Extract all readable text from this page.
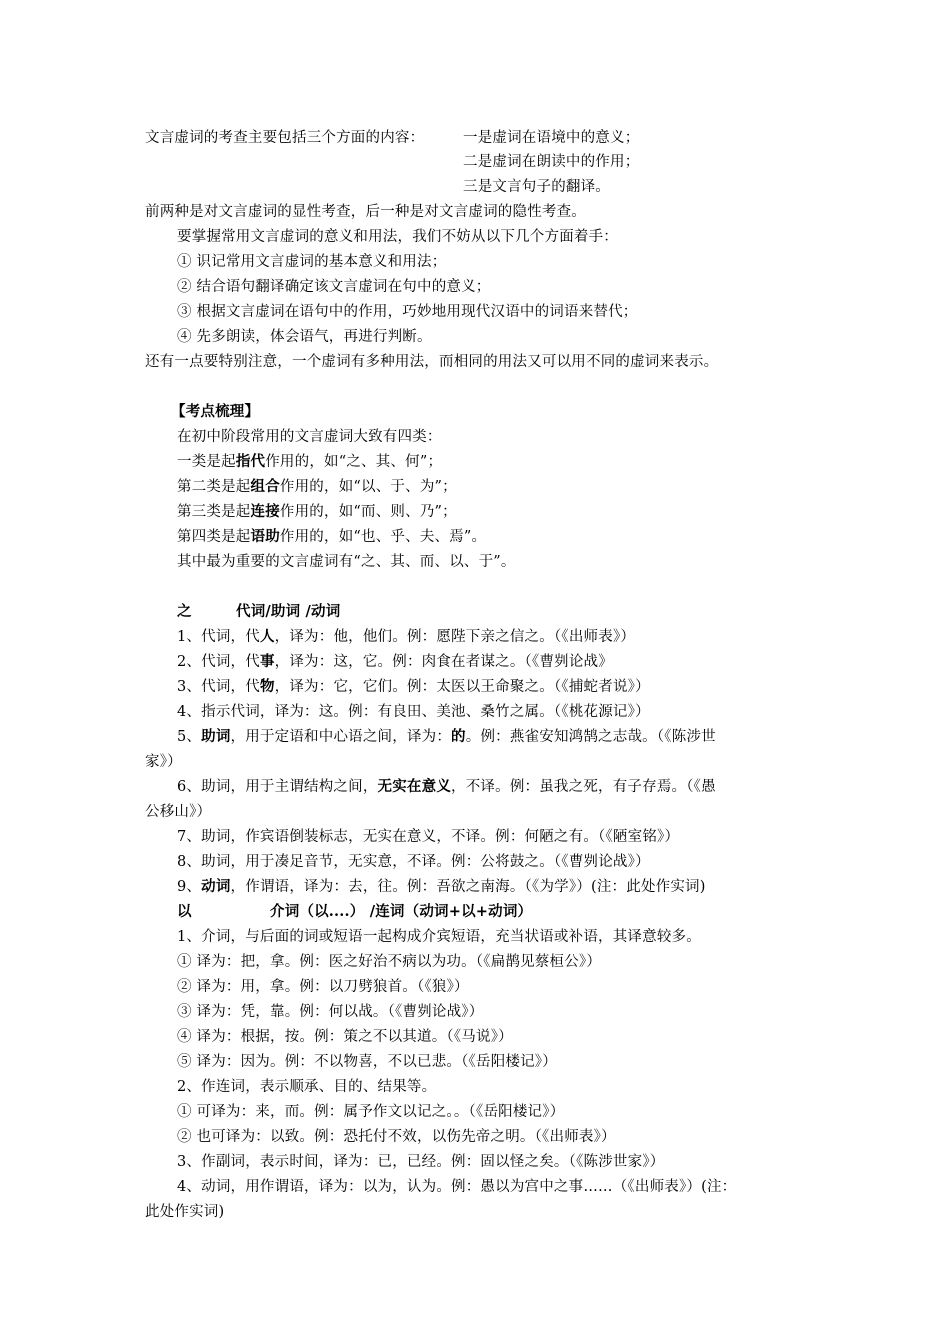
文言虚词的考查主要包括三个方面的内容：	一是虚词在语境中的意义；
二是虚词在朗读中的作用；
三是文言句子的翻译。
前两种是对文言虚词的显性考查，后一种是对文言虚词的隐性考查。
要掌握常用文言虚词的意义和用法，我们不妨从以下几个方面着手：
① 识记常用文言虚词的基本意义和用法；
② 结合语句翻译确定该文言虚词在句中的意义；
③ 根据文言虚词在语句中的作用，巧妙地用现代汉语中的词语来替代；
④ 先多朗读，体会语气，再进行判断。
还有一点要特别注意，一个虚词有多种用法，而相同的用法又可以用不同的虚词来表示。
【考点梳理】
在初中阶段常用的文言虚词大致有四类：
一类是起指代作用的，如“之、其、何”；
第二类是起组合作用的，如“以、于、为”；
第三类是起连接作用的，如“而、则、乃”；
第四类是起语助作用的，如“也、乎、夫、焉”。
其中最为重要的文言虚词有“之、其、而、以、于”。
之	代词/助词 /动词
1、代词，代人，译为：他，他们。例：愿陛下亲之信之。（《出师表》）
2、代词，代事，译为：这，它。例：肉食在者谋之。（《曹刿论战》
3、代词，代物，译为：它，它们。例：太医以王命聚之。（《捕蛇者说》）
4、指示代词，译为：这。例：有良田、美池、桑竹之属。（《桃花源记》）
5、助词，用于定语和中心语之间，译为：的。例：燕雀安知鸿鹄之志哉。（《陈涉世
家》）
6、助词，用于主谓结构之间，无实在意义，不译。例：虽我之死，有子存焉。（《愚
公移山》）
7、助词，作宾语倒装标志，无实在意义，不译。例：何陋之有。（《陋室铭》）
8、助词，用于凑足音节，无实意，不译。例：公将鼓之。（《曹刿论战》）
9、动词，作谓语，译为：去，往。例：吾欲之南海。（《为学》）(注：此处作实词)
以	介词（以....） /连词（动词+以+动词）
1、介词，与后面的词或短语一起构成介宾短语，充当状语或补语，其译意较多。
① 译为：把，拿。例：医之好治不病以为功。（《扁鹊见蔡桓公》）
② 译为：用，拿。例：以刀劈狼首。（《狼》）
③ 译为：凭，靠。例：何以战。（《曹刿论战》）
④ 译为：根据，按。例：策之不以其道。（《马说》）
⑤ 译为：因为。例：不以物喜，不以已悲。（《岳阳楼记》）
2、作连词，表示顺承、目的、结果等。
① 可译为：来，而。例：属予作文以记之。。（《岳阳楼记》）
② 也可译为：以致。例：恐托付不效，以伤先帝之明。（《出师表》）
3、作副词，表示时间，译为：已，已经。例：固以怪之矣。（《陈涉世家》）
4、动词，用作谓语，译为：以为，认为。例：愚以为宫中之事……（《出师表》）(注：
此处作实词)
